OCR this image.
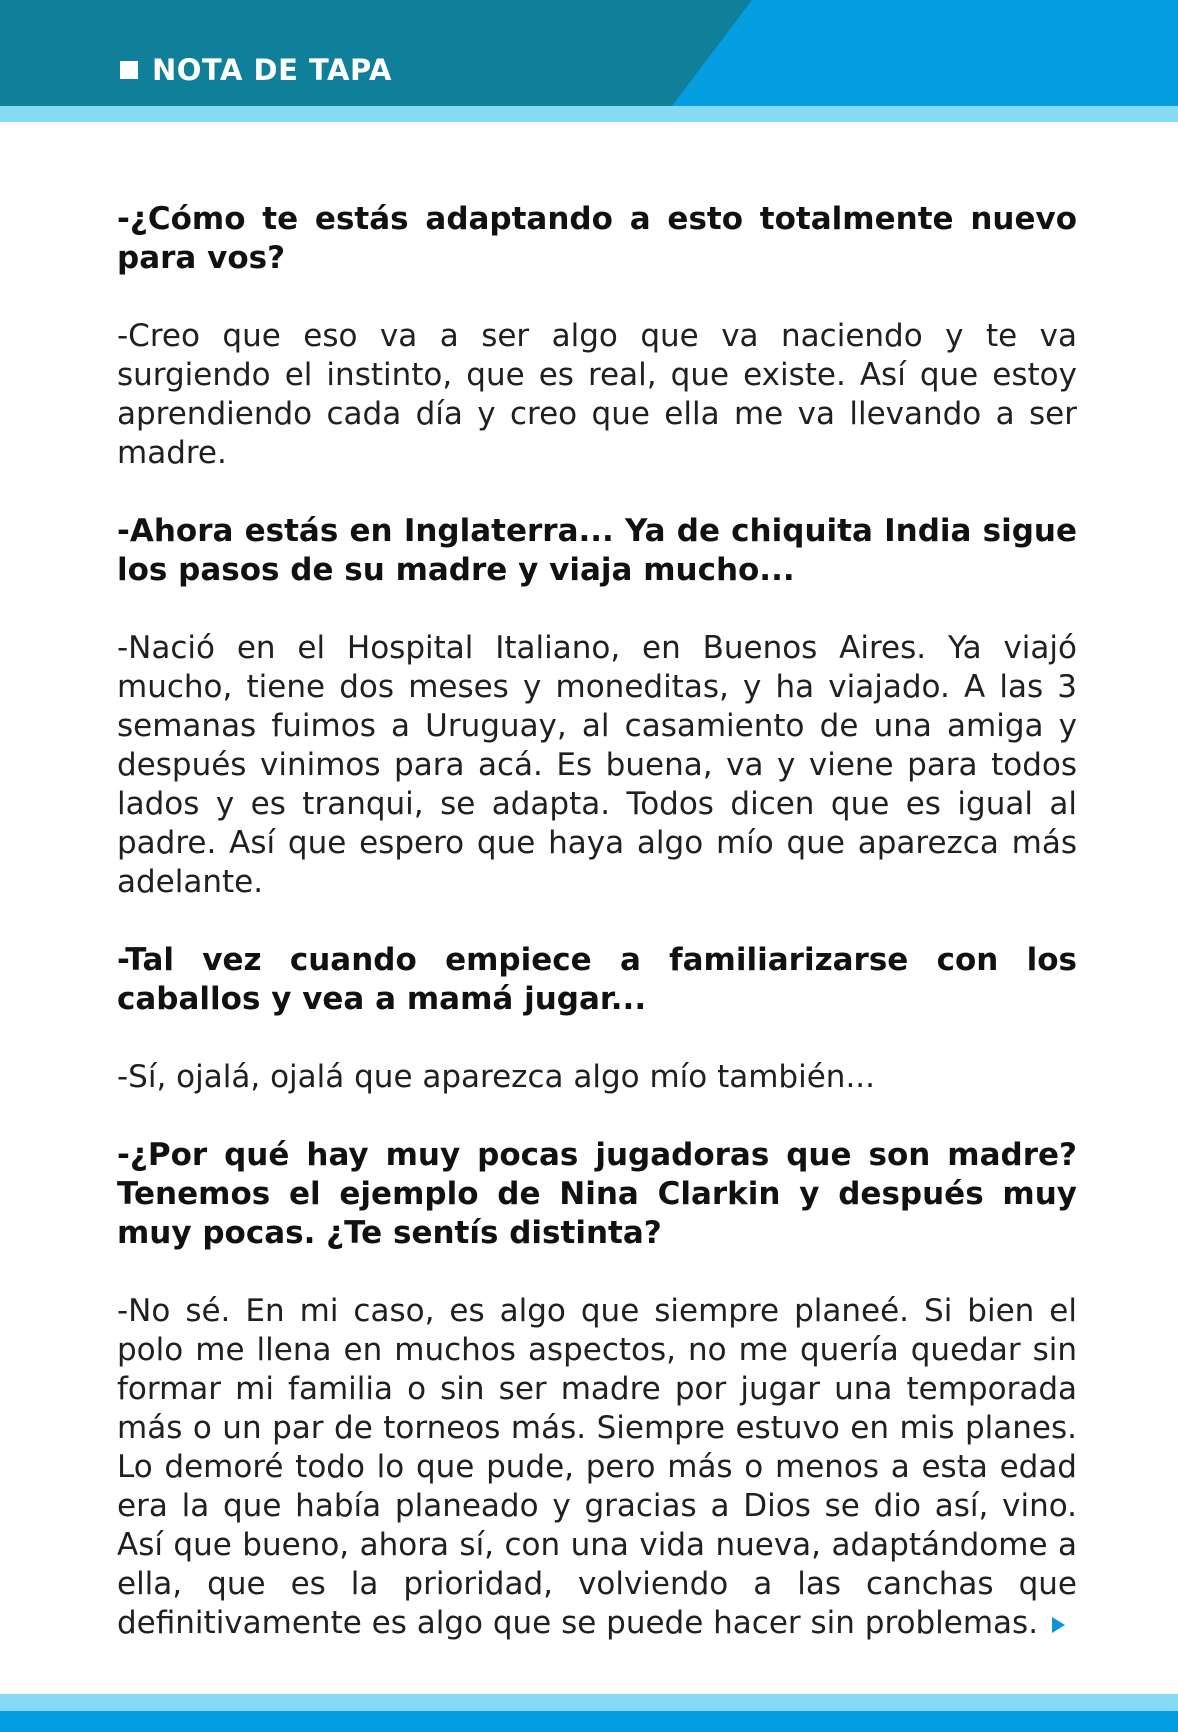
NOTA DE TAPA

-¿Cómo te estás adaptando a esto totalmente nuevo para vos?

-Creo que eso va a ser algo que va naciendo y te va surgiendo el instinto, que es real, que existe. Así que estoy aprendiendo cada día y creo que ella me va llevando a ser madre.

-Ahora estás en Inglaterra... Ya de chiquita India sigue los pasos de su madre y viaja mucho...

-Nació en el Hospital Italiano, en Buenos Aires. Ya viajó mucho, tiene dos meses y moneditas, y ha viajado. A las 3 semanas fuimos a Uruguay, al casamiento de una amiga y después vinimos para acá. Es buena, va y viene para todos lados y es tranqui, se adapta. Todos dicen que es igual al padre. Así que espero que haya algo mío que aparezca más adelante.

-Tal vez cuando empiece a familiarizarse con los caballos y vea a mamá jugar...

-Sí, ojalá, ojalá que aparezca algo mío también...

-¿Por qué hay muy pocas jugadoras que son madre? Tenemos el ejemplo de Nina Clarkin y después muy muy pocas. ¿Te sentís distinta?

-No sé. En mi caso, es algo que siempre planeé. Si bien el polo me llena en muchos aspectos, no me quería quedar sin formar mi familia o sin ser madre por jugar una temporada más o un par de torneos más. Siempre estuvo en mis planes. Lo demoré todo lo que pude, pero más o menos a esta edad era la que había planeado y gracias a Dios se dio así, vino. Así que bueno, ahora sí, con una vida nueva, adaptándome a ella, que es la prioridad, volviendo a las canchas que definitivamente es algo que se puede hacer sin problemas.
